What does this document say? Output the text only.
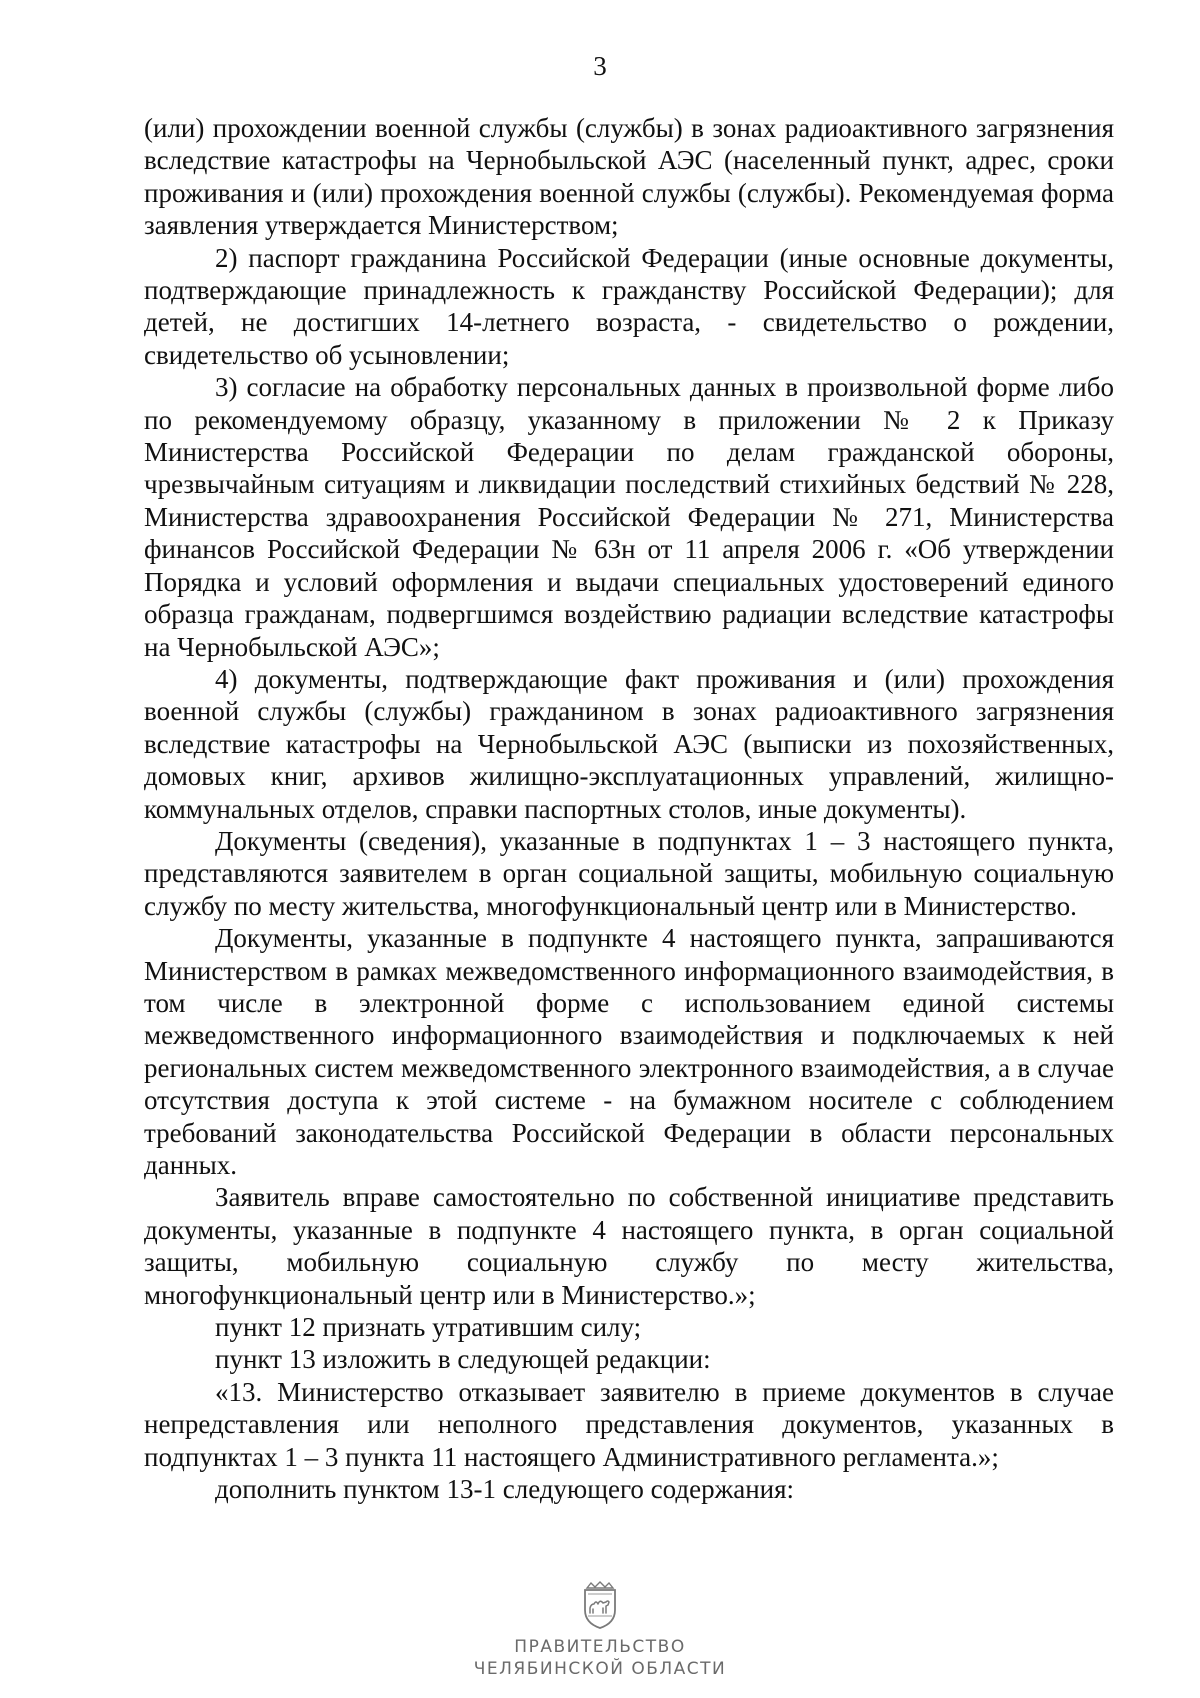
3

(или) прохождении военной службы (службы) в зонах радиоактивного загрязнения вследствие катастрофы на Чернобыльской АЭС (населенный пункт, адрес, сроки проживания и (или) прохождения военной службы (службы). Рекомендуемая форма заявления утверждается Министерством;

2) паспорт гражданина Российской Федерации (иные основные документы, подтверждающие принадлежность к гражданству Российской Федерации); для детей, не достигших 14-летнего возраста, - свидетельство о рождении, свидетельство об усыновлении;

3) согласие на обработку персональных данных в произвольной форме либо по рекомендуемому образцу, указанному в приложении № 2 к Приказу Министерства Российской Федерации по делам гражданской обороны, чрезвычайным ситуациям и ликвидации последствий стихийных бедствий № 228, Министерства здравоохранения Российской Федерации № 271, Министерства финансов Российской Федерации № 63н от 11 апреля 2006 г. «Об утверждении Порядка и условий оформления и выдачи специальных удостоверений единого образца гражданам, подвергшимся воздействию радиации вследствие катастрофы на Чернобыльской АЭС»;

4) документы, подтверждающие факт проживания и (или) прохождения военной службы (службы) гражданином в зонах радиоактивного загрязнения вследствие катастрофы на Чернобыльской АЭС (выписки из похозяйственных, домовых книг, архивов жилищно-эксплуатационных управлений, жилищно-коммунальных отделов, справки паспортных столов, иные документы).

Документы (сведения), указанные в подпунктах 1 – 3 настоящего пункта, представляются заявителем в орган социальной защиты, мобильную социальную службу по месту жительства, многофункциональный центр или в Министерство.

Документы, указанные в подпункте 4 настоящего пункта, запрашиваются Министерством в рамках межведомственного информационного взаимодействия, в том числе в электронной форме с использованием единой системы межведомственного информационного взаимодействия и подключаемых к ней региональных систем межведомственного электронного взаимодействия, а в случае отсутствия доступа к этой системе - на бумажном носителе с соблюдением требований законодательства Российской Федерации в области персональных данных.

Заявитель вправе самостоятельно по собственной инициативе представить документы, указанные в подпункте 4 настоящего пункта, в орган социальной защиты, мобильную социальную службу по месту жительства, многофункциональный центр или в Министерство.»;

пункт 12 признать утратившим силу;

пункт 13 изложить в следующей редакции:

«13. Министерство отказывает заявителю в приеме документов в случае непредставления или неполного представления документов, указанных в подпунктах 1 – 3 пункта 11 настоящего Административного регламента.»;

дополнить пунктом 13-1 следующего содержания:

ПРАВИТЕЛЬСТВО
ЧЕЛЯБИНСКОЙ ОБЛАСТИ
